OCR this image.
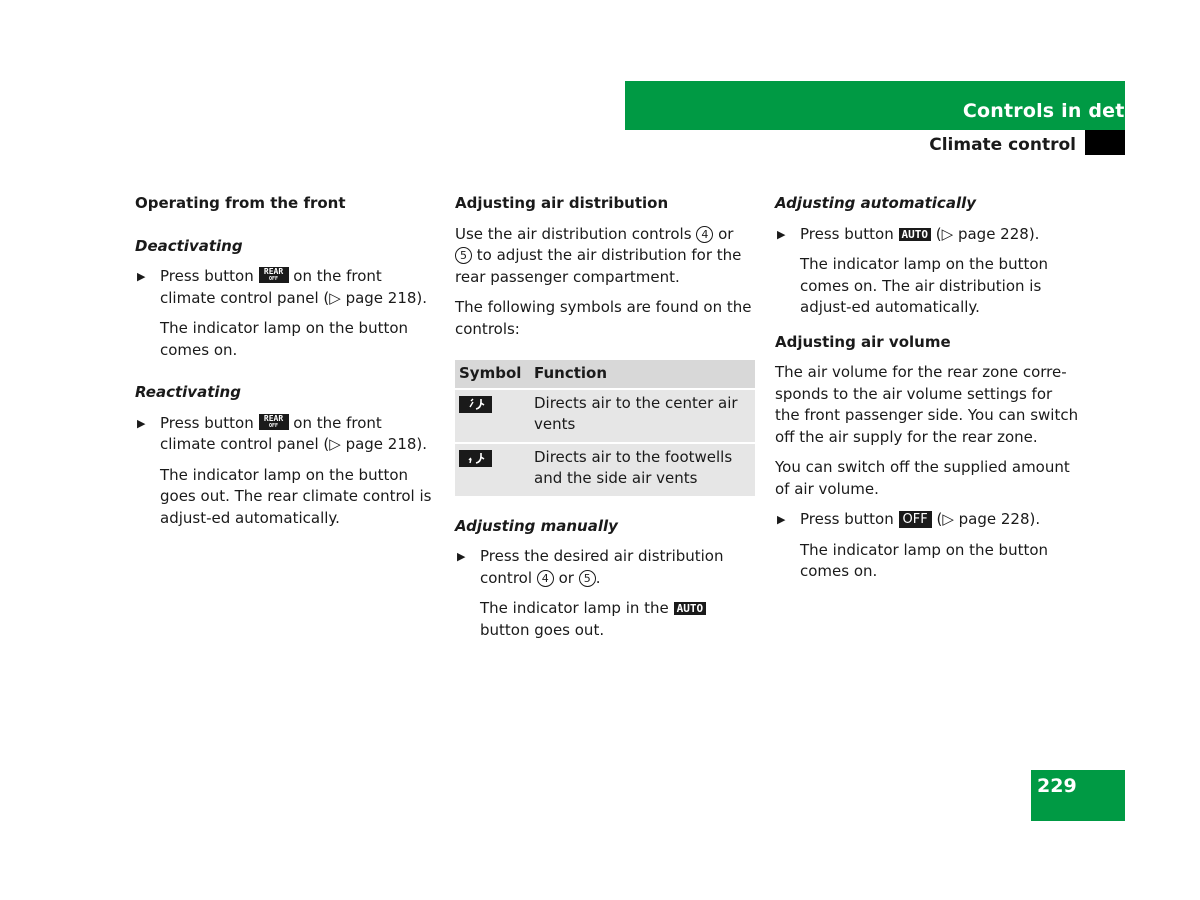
Controls in detail
Climate control
Operating from the front
Deactivating
▶ Press button REAR
OFF	on the front climate control panel (▷ page 218).
The indicator lamp on the button comes on.
Reactivating
▶ Press button REAR
OFF	on the front climate control panel (▷ page 218).
The indicator lamp on the button goes out. The rear climate control is adjust-ed automatically.
Adjusting air distribution

Use the air distribution controls 4 or 5 to adjust the air distribution for the rear passenger compartment.

The following symbols are found on the controls:

Symbol	Function

	Directs air to the center air vents

	Directs air to the footwells and the side air vents
Adjusting manually
▶ Press the desired air distribution control 4 or 5 .
The indicator lamp in the AUTO button goes out.
Adjusting automatically
▶ Press button AUTO (▷ page 228).
The indicator lamp on the button comes on. The air distribution is adjust-ed automatically.
Adjusting air volume

The air volume for the rear zone corre-sponds to the air volume settings for the front passenger side. You can switch off the air supply for the rear zone.

You can switch off the supplied amount of air volume.

▶ Press button OFF (▷ page 228).
The indicator lamp on the button comes on.
229
